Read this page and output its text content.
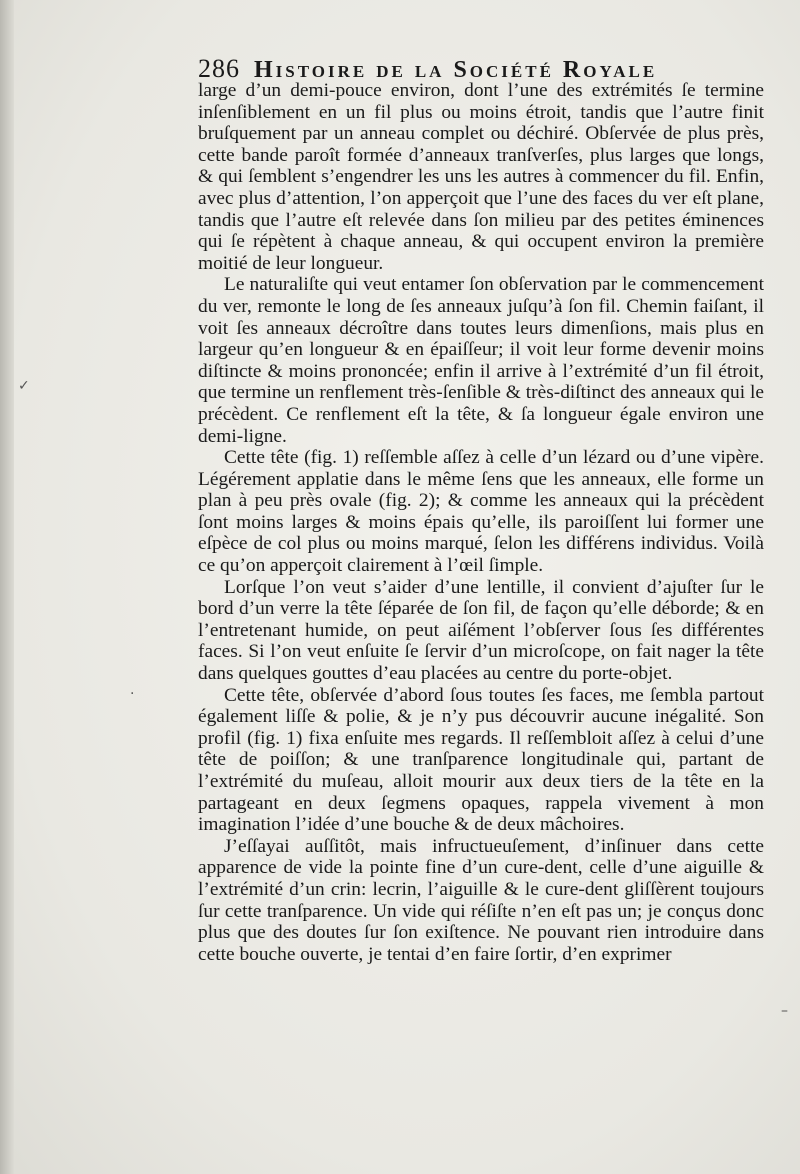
286 Histoire de la Société Royale

large d’un demi-pouce environ, dont l’une des extrémités ſe termine inſenſiblement en un fil plus ou moins étroit, tandis que l’autre finit bruſquement par un anneau complet ou déchiré. Obſervée de plus près, cette bande paroît formée d’anneaux tranſverſes, plus larges que longs, & qui ſemblent s’engendrer les uns les autres à commencer du fil. Enfin, avec plus d’attention, l’on apperçoit que l’une des faces du ver eſt plane, tandis que l’autre eſt relevée dans ſon milieu par des petites éminences qui ſe répètent à chaque anneau, & qui occupent environ la première moitié de leur longueur.

Le naturaliſte qui veut entamer ſon obſervation par le commencement du ver, remonte le long de ſes anneaux juſqu’à ſon fil. Chemin faiſant, il voit ſes anneaux décroître dans toutes leurs dimenſions, mais plus en largeur qu’en longueur & en épaiſſeur; il voit leur forme devenir moins diſtincte & moins prononcée; enfin il arrive à l’extrémité d’un fil étroit, que termine un renflement très-ſenſible & très-diſtinct des anneaux qui le précèdent. Ce renflement eſt la tête, & ſa longueur égale environ une demi-ligne.

Cette tête (fig. 1) reſſemble aſſez à celle d’un lézard ou d’une vipère. Légérement applatie dans le même ſens que les anneaux, elle forme un plan à peu près ovale (fig. 2); & comme les anneaux qui la précèdent ſont moins larges & moins épais qu’elle, ils paroiſſent lui former une eſpèce de col plus ou moins marqué, ſelon les différens individus. Voilà ce qu’on apperçoit clairement à l’œil ſimple.

Lorſque l’on veut s’aider d’une lentille, il convient d’ajuſter ſur le bord d’un verre la tête ſéparée de ſon fil, de façon qu’elle déborde; & en l’entretenant humide, on peut aiſément l’obſerver ſous ſes différentes faces. Si l’on veut enſuite ſe ſervir d’un microſcope, on fait nager la tête dans quelques gouttes d’eau placées au centre du porte-objet.

Cette tête, obſervée d’abord ſous toutes ſes faces, me ſembla partout également liſſe & polie, & je n’y pus découvrir aucune inégalité. Son profil (fig. 1) fixa enſuite mes regards. Il reſſembloit aſſez à celui d’une tête de poiſſon; & une tranſparence longitudinale qui, partant de l’extrémité du muſeau, alloit mourir aux deux tiers de la tête en la partageant en deux ſegmens opaques, rappela vivement à mon imagination l’idée d’une bouche & de deux mâchoires.

J’eſſayai auſſitôt, mais infructueuſement, d’inſinuer dans cette apparence de vide la pointe fine d’un cure-dent, celle d’une aiguille & l’extrémité d’un crin: lecrin, l’aiguille & le cure-dent gliſſèrent toujours ſur cette tranſparence. Un vide qui réſiſte n’en eſt pas un; je conçus donc plus que des doutes ſur ſon exiſtence. Ne pouvant rien introduire dans cette bouche ouverte, je tentai d’en faire ſortir, d’en exprimer

✓
·
–
